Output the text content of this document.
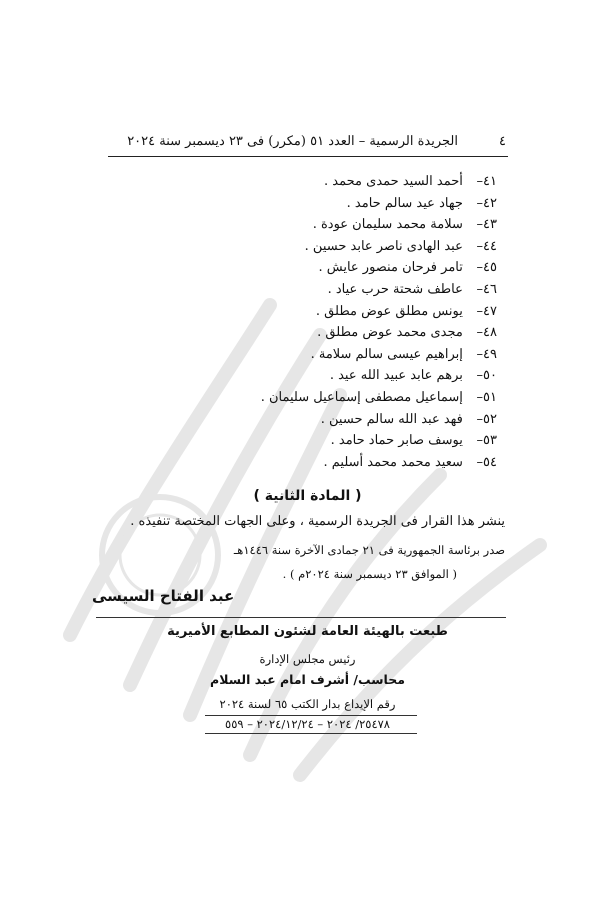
٤
الجريدة الرسمية – العدد ٥١ (مكرر) فى ٢٣ ديسمبر سنة ٢٠٢٤
٤١– أحمد السيد حمدى محمد .
٤٢– جهاد عيد سالم حامد .
٤٣– سلامة محمد سليمان عودة .
٤٤– عبد الهادى ناصر عابد حسين .
٤٥– تامر فرحان منصور عايش .
٤٦– عاطف شحتة حرب عياد .
٤٧– يونس مطلق عوض مطلق .
٤٨– مجدى محمد عوض مطلق .
٤٩– إبراهيم عيسى سالم سلامة .
٥٠– برهم عابد عبيد الله عيد .
٥١– إسماعيل مصطفى إسماعيل سليمان .
٥٢– فهد عبد الله سالم حسين .
٥٣– يوسف صابر حماد حامد .
٥٤– سعيد محمد محمد أسليم .
( المادة الثانية )
ينشر هذا القرار فى الجريدة الرسمية ، وعلى الجهات المختصة تنفيذه .
صدر برئاسة الجمهورية فى ٢١ جمادى الآخرة سنة ١٤٤٦هـ
( الموافق ٢٣ ديسمبر سنة ٢٠٢٤م ) .
عبد الفتاح السيسى
طبعت بالهيئة العامة لشئون المطابع الأميرية
رئيس مجلس الإدارة
محاسب/ أشرف امام عبد السلام
رقم الإيداع بدار الكتب ٦٥ لسنة ٢٠٢٤
٢٥٤٧٨/ ٢٠٢٤ – ٢٠٢٤/١٢/٢٤ – ٥٥٩
